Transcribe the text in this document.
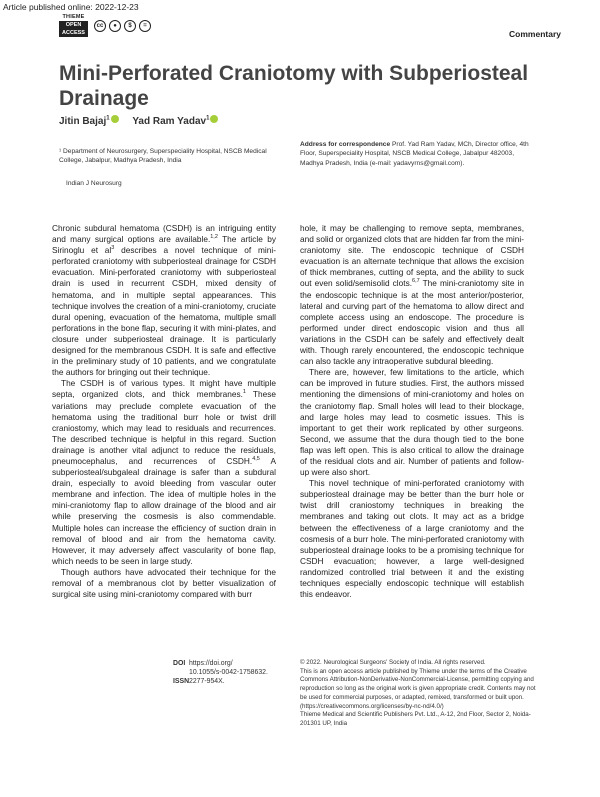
Article published online: 2022-12-23
THIEME
OPEN
ACCESS
cc	●	$	=
Commentary
Mini-Perforated Craniotomy with Subperiosteal Drainage
Jitin Bajaj$^1$ Yad Ram Yadav$^1$
¹ Department of Neurosurgery, Superspeciality Hospital, NSCB Medical College, Jabalpur, Madhya Pradesh, India
Indian J Neurosurg
Address for correspondence Prof. Yad Ram Yadav, MCh, Director office, 4th Floor, Superspeciality Hospital, NSCB Medical College, Jabalpur 482003, Madhya Pradesh, India (e-mail: yadavyrns@gmail.com).

Chronic subdural hematoma (CSDH) is an intriguing entity and many surgical options are available.$^{1,2}$ The article by Sirinoglu et $al^3$ describes a novel technique of mini-perforated craniotomy with subperiosteal drainage for CSDH evacuation. Mini-perforated craniotomy with subperiosteal drain is used in recurrent CSDH, mixed density of hematoma, and in multiple septal appearances. This technique involves the creation of a mini-craniotomy, cruciate dural opening, evacuation of the hematoma, multiple small perforations in the bone flap, securing it with mini-plates, and closure under subperiosteal drainage. It is particularly designed for the membranous CSDH. It is safe and effective in the preliminary study of 10 patients, and we congratulate the authors for bringing out their technique.

The CSDH is of various types. It might have multiple septa, organized clots, and thick membranes.$^1$ These variations may preclude complete evacuation of the hematoma using the traditional burr hole or twist drill craniostomy, which may lead to residuals and recurrences. The described technique is helpful in this regard. Suction drainage is another vital adjunct to reduce the residuals, pneumocephalus, and recurrences of CSDH.$^{4,5}$ A subperiosteal/subgaleal drainage is safer than a subdural drain, especially to avoid bleeding from vascular outer membrane and infection. The idea of multiple holes in the mini-craniotomy flap to allow drainage of the blood and air while preserving the cosmesis is also commendable. Multiple holes can increase the efficiency of suction drain in removal of blood and air from the hematoma cavity. However, it may adversely affect vascularity of bone flap, which needs to be seen in large study.

Though authors have advocated their technique for the removal of a membranous clot by better visualization of surgical site using mini-craniotomy compared with burr

hole, it may be challenging to remove septa, membranes, and solid or organized clots that are hidden far from the mini-craniotomy site. The endoscopic technique of CSDH evacuation is an alternate technique that allows the excision of thick membranes, cutting of septa, and the ability to suck out even solid/semisolid clots.$^{6,7}$ The mini-craniotomy site in the endoscopic technique is at the most anterior/posterior, lateral and curving part of the hematoma to allow direct and complete access using an endoscope. The procedure is performed under direct endoscopic vision and thus all variations in the CSDH can be safely and effectively dealt with. Though rarely encountered, the endoscopic technique can also tackle any intraoperative subdural bleeding.

There are, however, few limitations to the article, which can be improved in future studies. First, the authors missed mentioning the dimensions of mini-craniotomy and holes on the craniotomy flap. Small holes will lead to their blockage, and large holes may lead to cosmetic issues. This is important to get their work replicated by other surgeons. Second, we assume that the dura though tied to the bone flap was left open. This is also critical to allow the drainage of the residual clots and air. Number of patients and follow-up were also short.

This novel technique of mini-perforated craniotomy with subperiosteal drainage may be better than the burr hole or twist drill craniostomy techniques in breaking the membranes and taking out clots. It may act as a bridge between the effectiveness of a large craniotomy and the cosmesis of a burr hole. The mini-perforated craniotomy with subperiosteal drainage looks to be a promising technique for CSDH evacuation; however, a large well-designed randomized controlled trial between it and the existing techniques especially endoscopic technique will establish this endeavor.

DOI https://doi.org/
10.1055/s-0042-1758632.
ISSN2277-954X.
© 2022. Neurological Surgeons' Society of India. All rights reserved.
This is an open access article published by Thieme under the terms of the Creative Commons Attribution-NonDerivative-NonCommercial-License, permitting copying and reproduction so long as the original work is given appropriate credit. Contents may not be used for commercial purposes, or adapted, remixed, transformed or built upon. (https://creativecommons.org/licenses/by-nc-nd/4.0/)
Thieme Medical and Scientific Publishers Pvt. Ltd., A-12, 2nd Floor, Sector 2, Noida-201301 UP, India
